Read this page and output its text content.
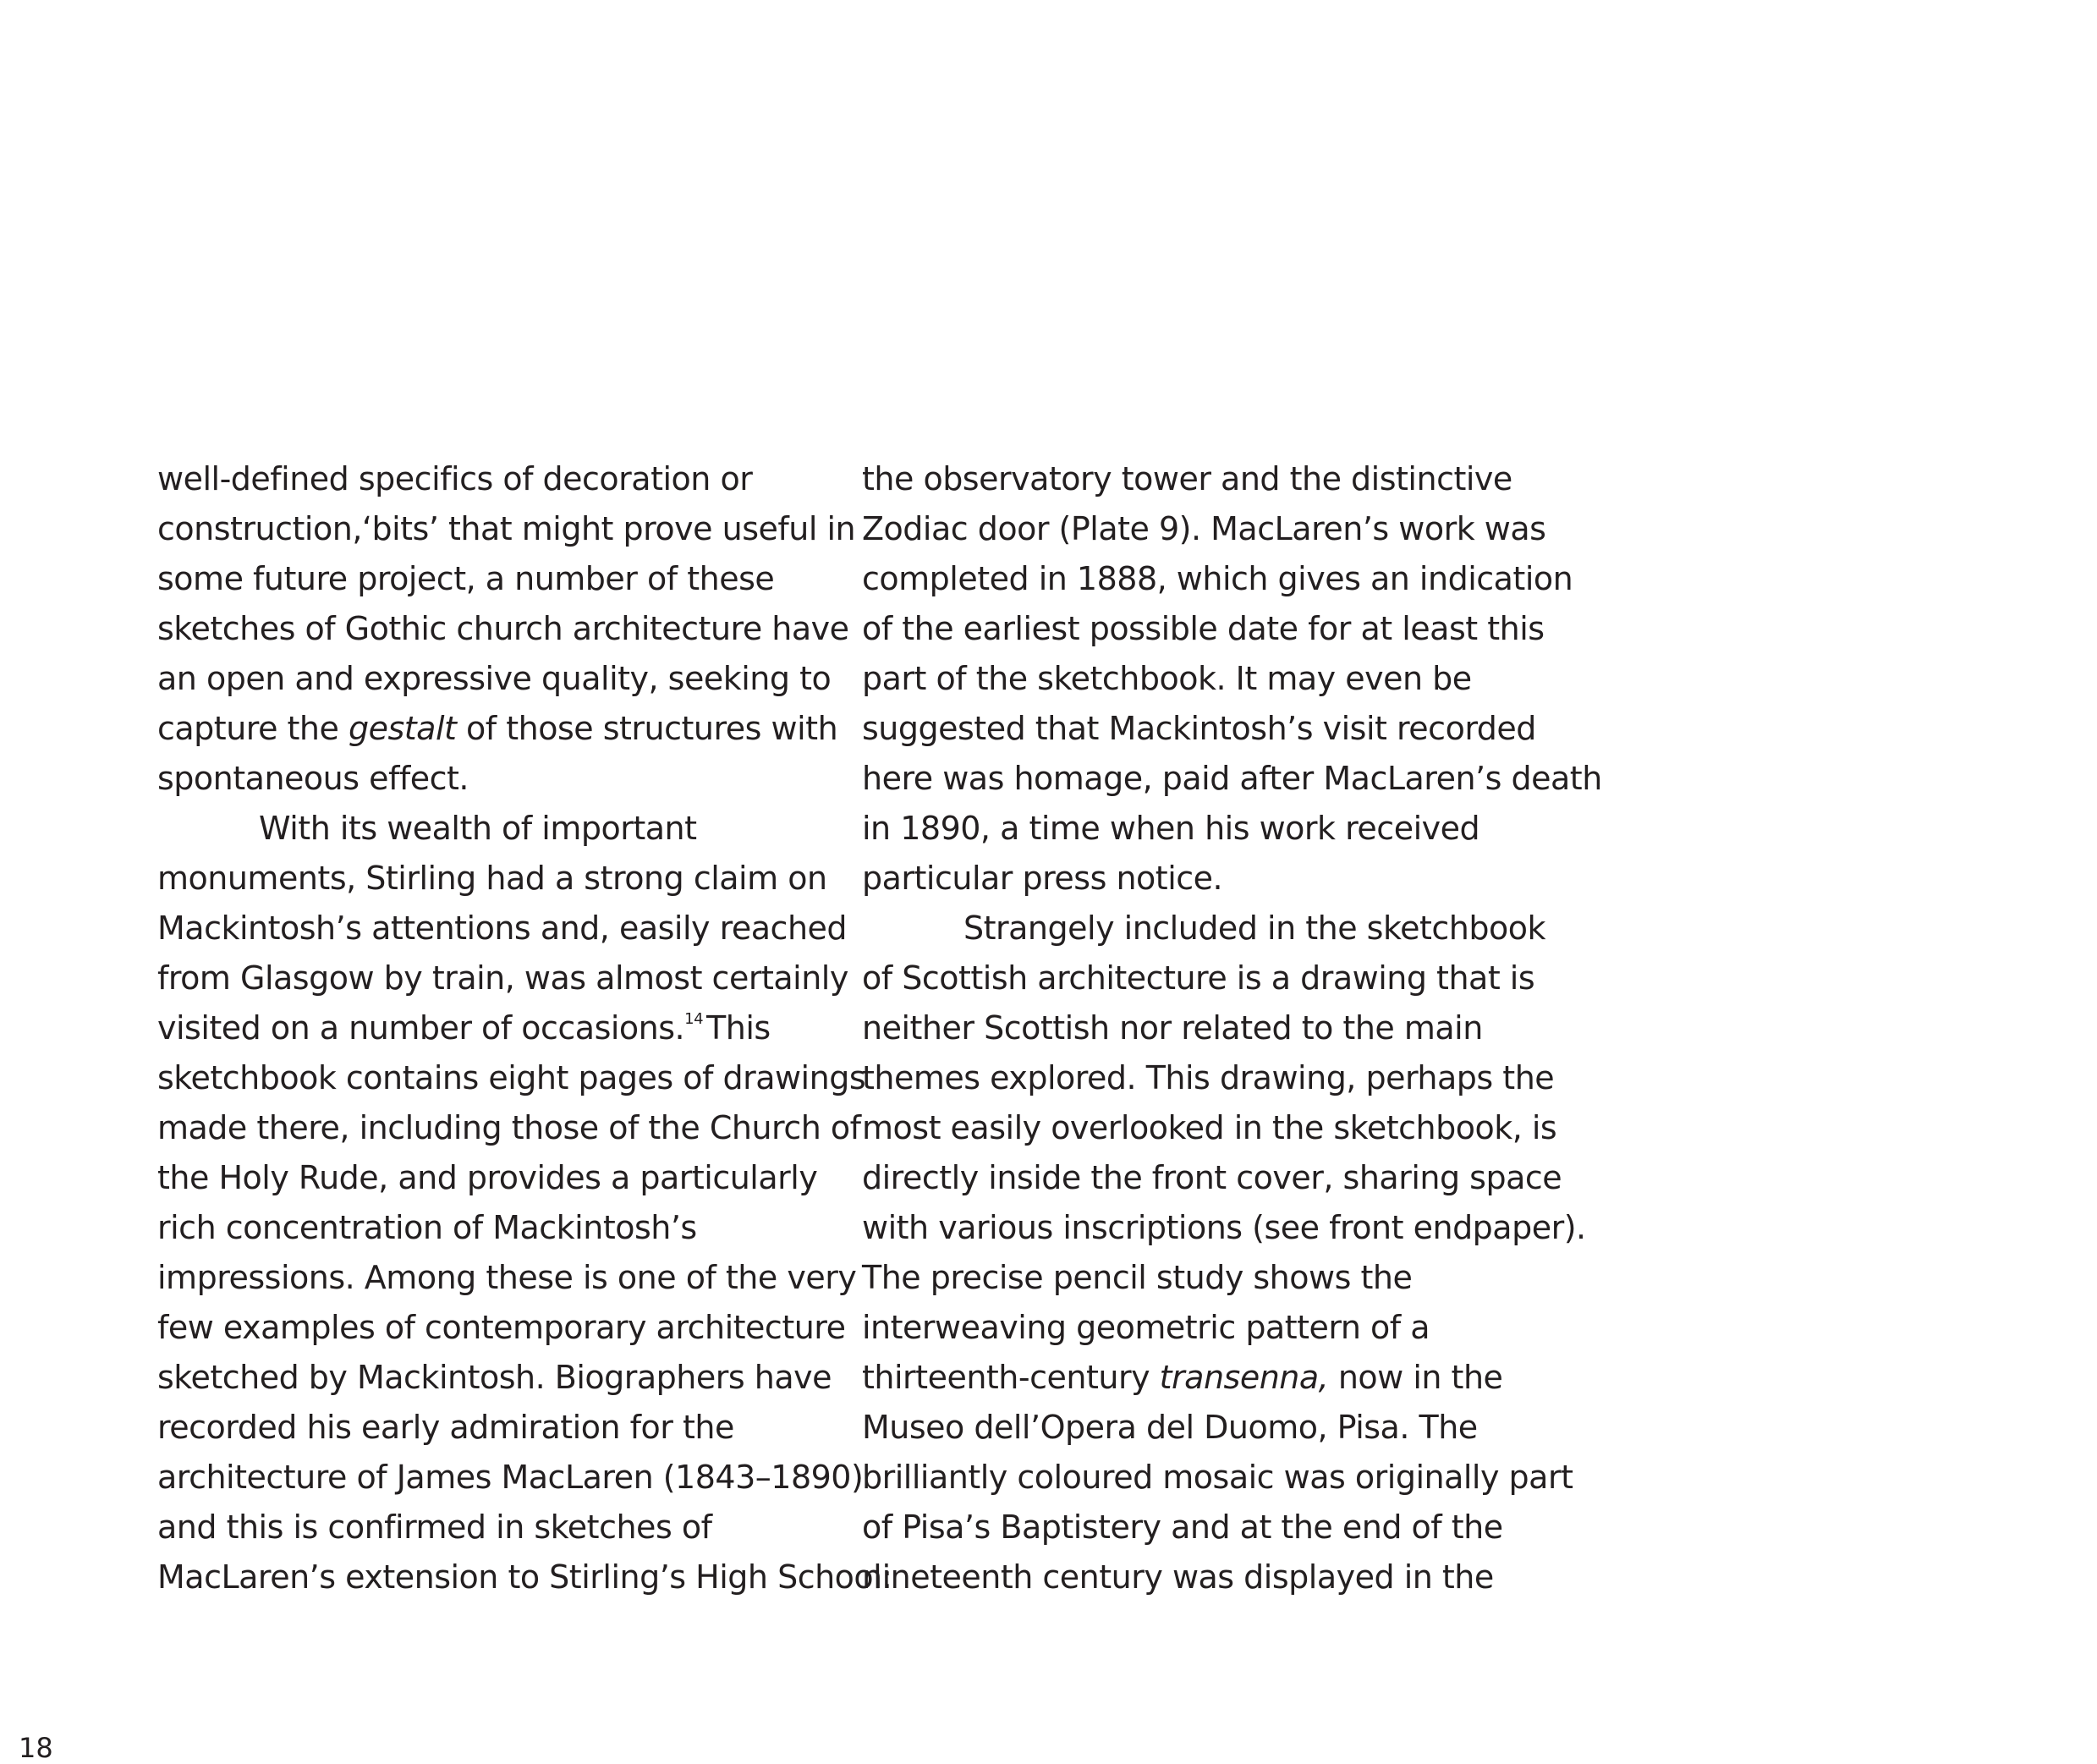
well-defined specifics of decoration or
construction,‘bits’ that might prove useful in
some future project, a number of these
sketches of Gothic church architecture have
an open and expressive quality, seeking to
capture the gestalt of those structures with
spontaneous effect.
With its wealth of important
monuments, Stirling had a strong claim on
Mackintosh’s attentions and, easily reached
from Glasgow by train, was almost certainly
visited on a number of occasions.$^{14}$ This
sketchbook contains eight pages of drawings
made there, including those of the Church of
the Holy Rude, and provides a particularly
rich concentration of Mackintosh’s
impressions. Among these is one of the very
few examples of contemporary architecture
sketched by Mackintosh. Biographers have
recorded his early admiration for the
architecture of James MacLaren (1843–1890)
and this is confirmed in sketches of
MacLaren’s extension to Stirling’s High School:
the observatory tower and the distinctive
Zodiac door (Plate 9). MacLaren’s work was
completed in 1888, which gives an indication
of the earliest possible date for at least this
part of the sketchbook. It may even be
suggested that Mackintosh’s visit recorded
here was homage, paid after MacLaren’s death
in 1890, a time when his work received
particular press notice.
Strangely included in the sketchbook
of Scottish architecture is a drawing that is
neither Scottish nor related to the main
themes explored. This drawing, perhaps the
most easily overlooked in the sketchbook, is
directly inside the front cover, sharing space
with various inscriptions (see front endpaper).
The precise pencil study shows the
interweaving geometric pattern of a
thirteenth-century transenna, now in the
Museo dell’Opera del Duomo, Pisa. The
brilliantly coloured mosaic was originally part
of Pisa’s Baptistery and at the end of the
nineteenth century was displayed in the
18
